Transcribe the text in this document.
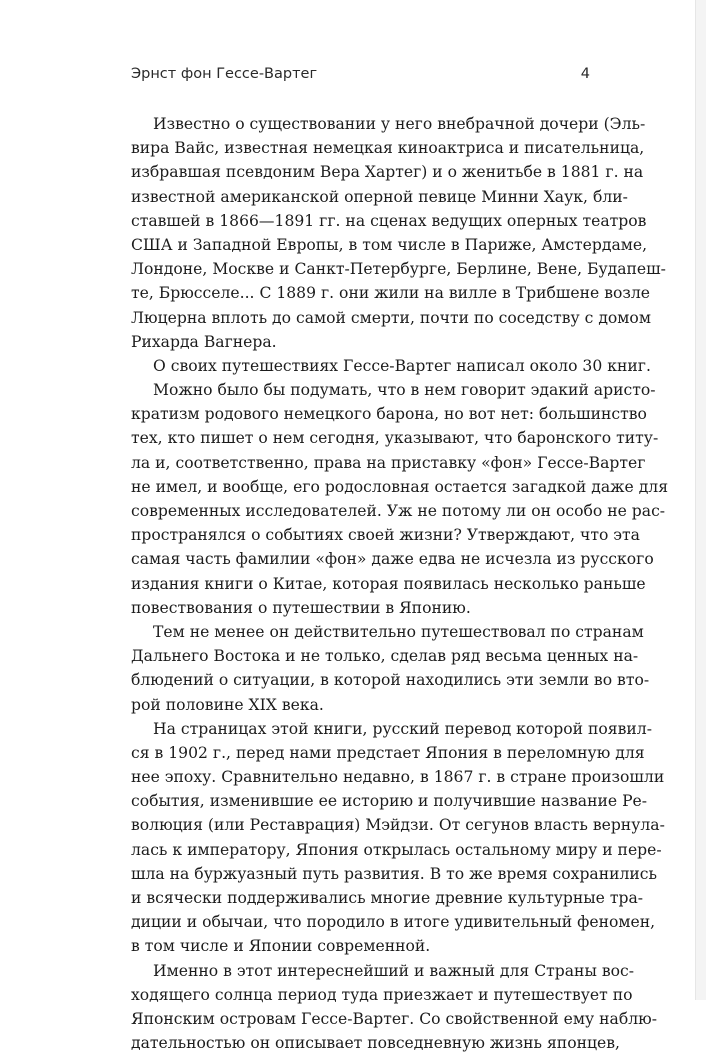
Эрнст фон Гессе-Вартег	4
Известно о существовании у него внебрачной дочери (Эль-
вира Вайс, известная немецкая киноактриса и писательница,
избравшая псевдоним Вера Хартег) и о женитьбе в 1881 г. на
известной американской оперной певице Минни Хаук, бли-
ставшей в 1866—1891 гг. на сценах ведущих оперных театров
США и Западной Европы, в том числе в Париже, Амстердаме,
Лондоне, Москве и Санкт-Петербурге, Берлине, Вене, Будапеш-
те, Брюсселе... С 1889 г. они жили на вилле в Трибшене возле
Люцерна вплоть до самой смерти, почти по соседству с домом
Рихарда Вагнера.
О своих путешествиях Гессе-Вартег написал около 30 книг.
Можно было бы подумать, что в нем говорит эдакий аристо-
кратизм родового немецкого барона, но вот нет: большинство
тех, кто пишет о нем сегодня, указывают, что баронского титу-
ла и, соответственно, права на приставку «фон» Гессе-Вартег
не имел, и вообще, его родословная остается загадкой даже для
современных исследователей. Уж не потому ли он особо не рас-
пространялся о событиях своей жизни? Утверждают, что эта
самая часть фамилии «фон» даже едва не исчезла из русского
издания книги о Китае, которая появилась несколько раньше
повествования о путешествии в Японию.
Тем не менее он действительно путешествовал по странам
Дальнего Востока и не только, сделав ряд весьма ценных на-
блюдений о ситуации, в которой находились эти земли во вто-
рой половине XIX века.
На страницах этой книги, русский перевод которой появил-
ся в 1902 г., перед нами предстает Япония в переломную для
нее эпоху. Сравнительно недавно, в 1867 г. в стране произошли
события, изменившие ее историю и получившие название Ре-
волюция (или Реставрация) Мэйдзи. От сегунов власть вернула-
лась к императору, Япония открылась остальному миру и пере-
шла на буржуазный путь развития. В то же время сохранились
и всячески поддерживались многие древние культурные тра-
диции и обычаи, что породило в итоге удивительный феномен,
в том числе и Японии современной.
Именно в этот интереснейший и важный для Страны вос-
ходящего солнца период туда приезжает и путешествует по
Японским островам Гессе-Вартег. Со свойственной ему наблю-
дательностью он описывает повседневную жизнь японцев,
